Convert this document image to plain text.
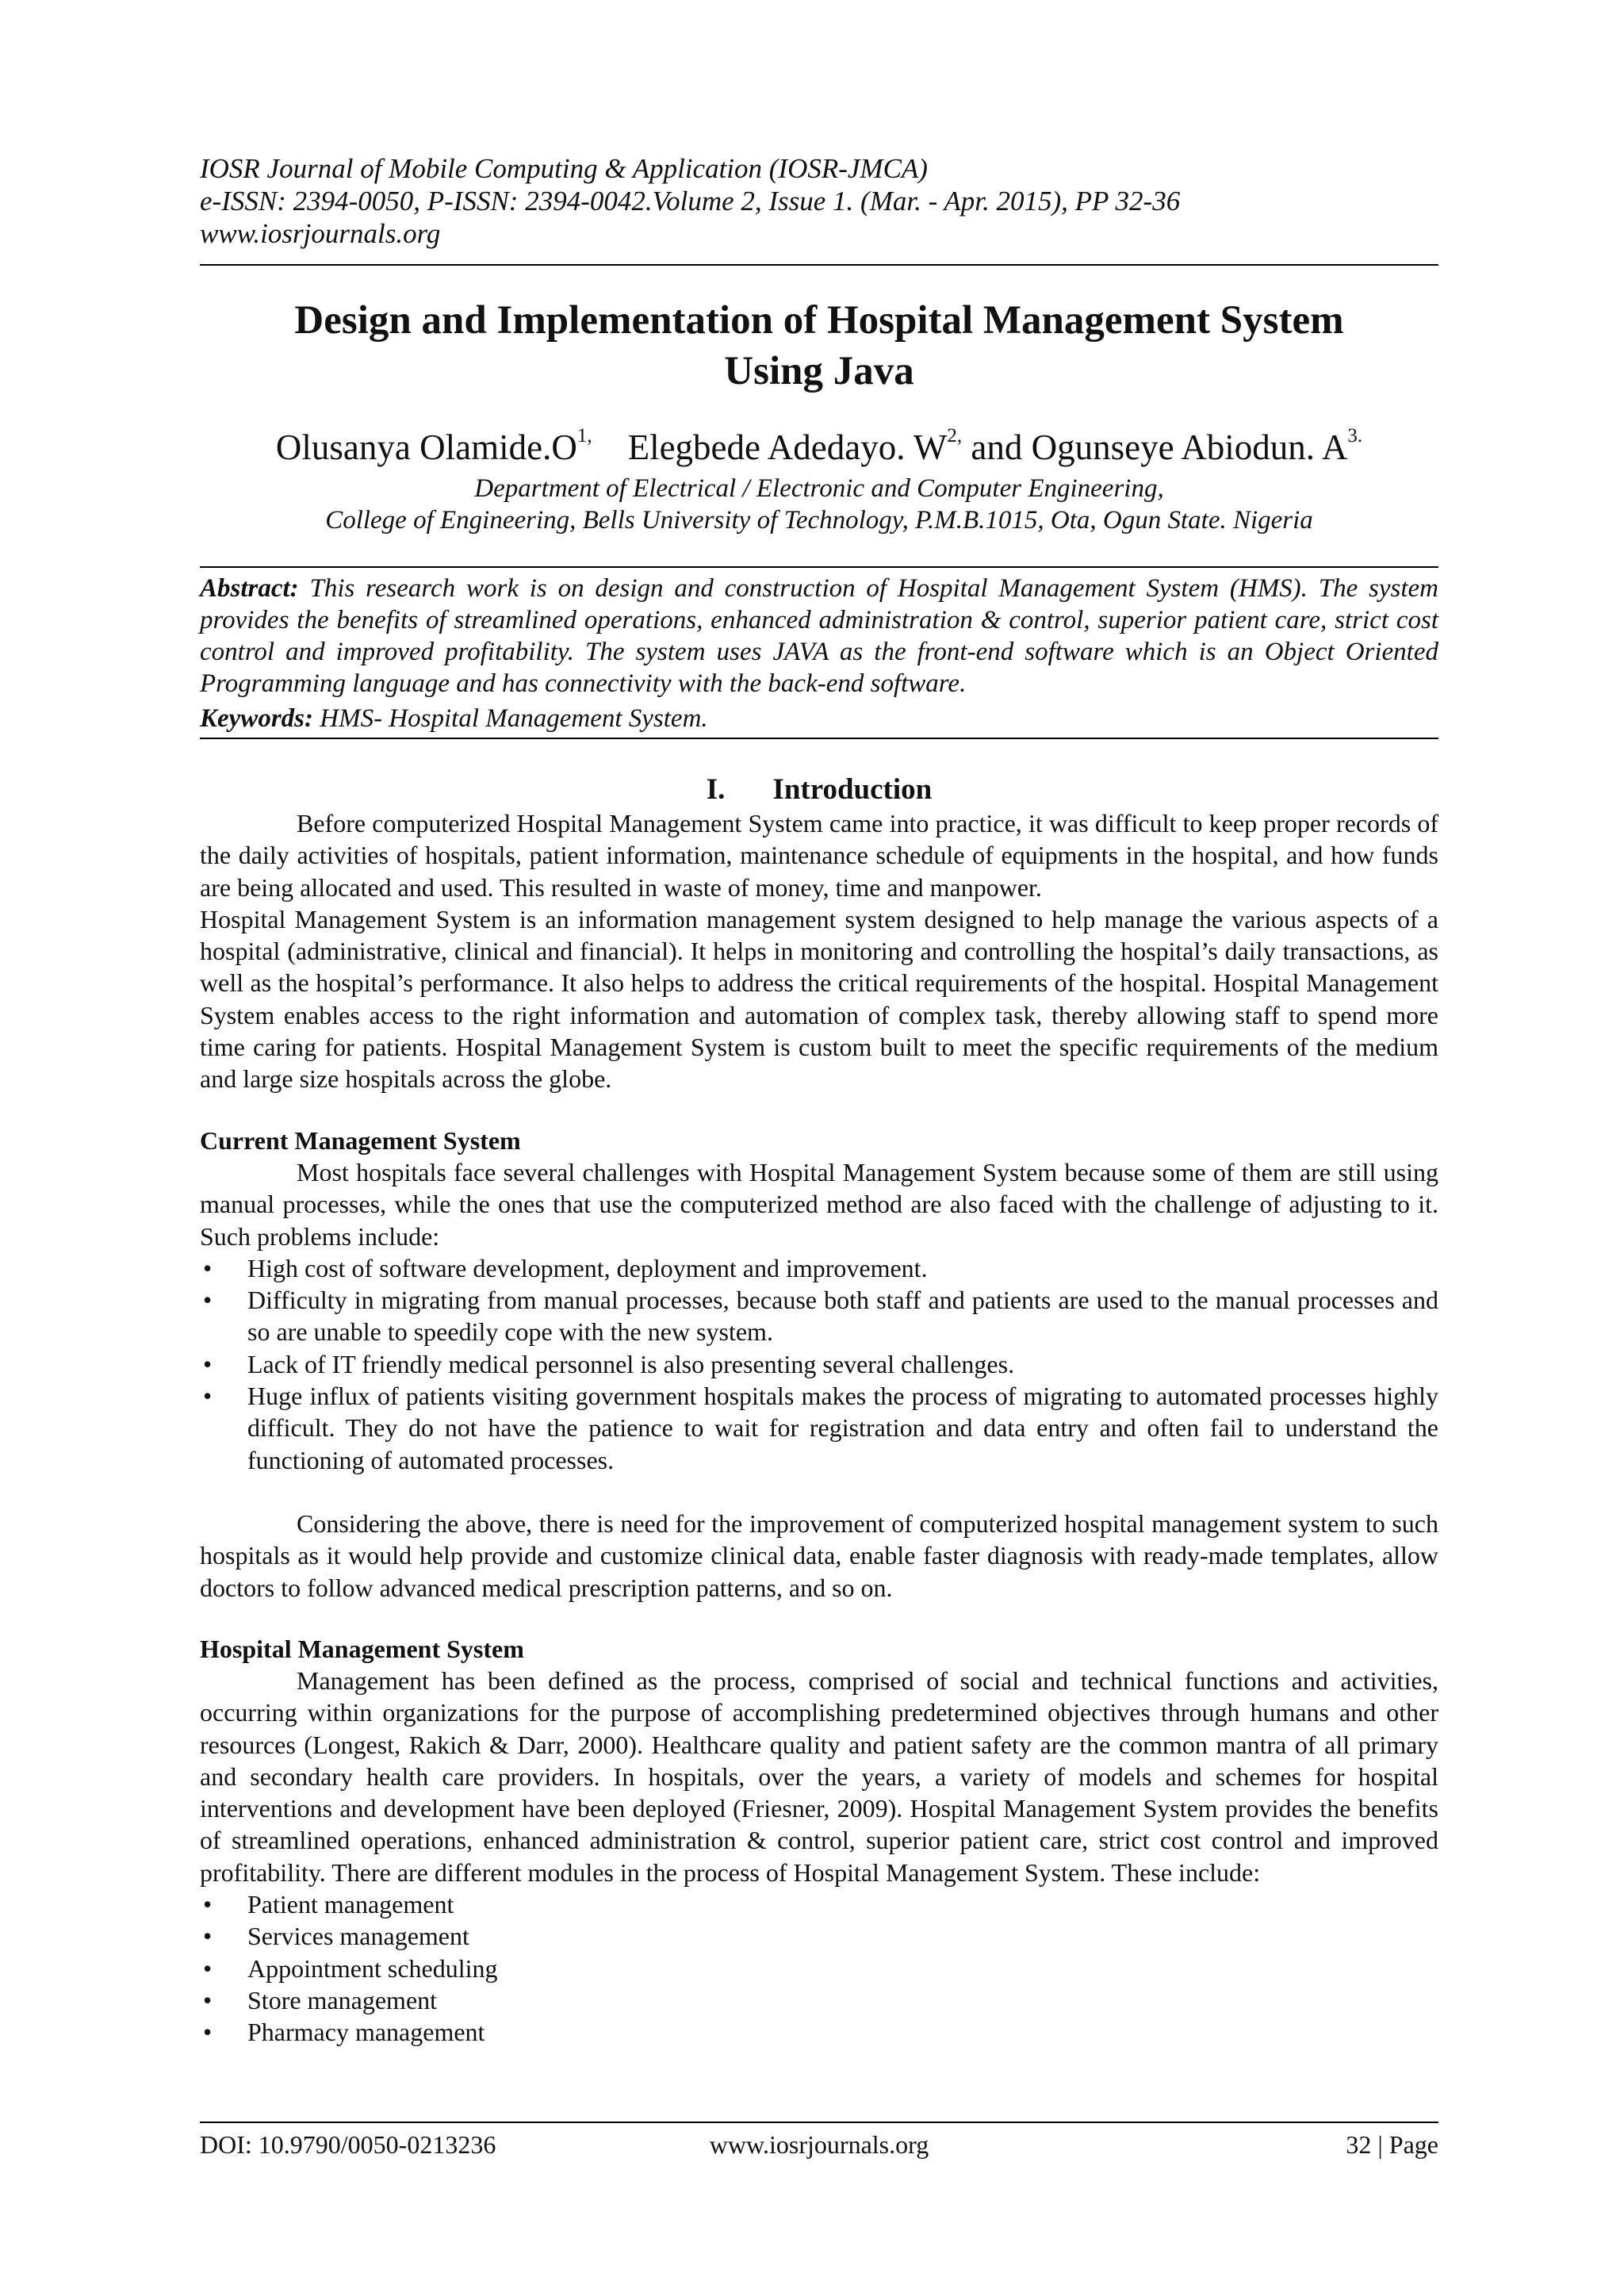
IOSR Journal of Mobile Computing & Application (IOSR-JMCA)
e-ISSN: 2394-0050, P-ISSN: 2394-0042.Volume 2, Issue 1. (Mar. - Apr. 2015), PP 32-36
www.iosrjournals.org
Design and Implementation of Hospital Management System
Using Java
Olusanya $Olamide.O^{1,}$ Elegbede Adedayo. $W^{2,}$ and Ogunseye Abiodun. $A^{3.}$
Department of Electrical / Electronic and Computer Engineering,
College of Engineering, Bells University of Technology, P.M.B.1015, Ota, Ogun State. Nigeria
Abstract: This research work is on design and construction of Hospital Management System (HMS). The system provides the benefits of streamlined operations, enhanced administration & control, superior patient care, strict cost control and improved profitability. The system uses JAVA as the front-end software which is an Object Oriented Programming language and has connectivity with the back-end software.
Keywords: HMS- Hospital Management System.
I. Introduction

Before computerized Hospital Management System came into practice, it was difficult to keep proper records of the daily activities of hospitals, patient information, maintenance schedule of equipments in the hospital, and how funds are being allocated and used. This resulted in waste of money, time and manpower.

Hospital Management System is an information management system designed to help manage the various aspects of a hospital (administrative, clinical and financial). It helps in monitoring and controlling the hospital’s daily transactions, as well as the hospital’s performance. It also helps to address the critical requirements of the hospital. Hospital Management System enables access to the right information and automation of complex task, thereby allowing staff to spend more time caring for patients. Hospital Management System is custom built to meet the specific requirements of the medium and large size hospitals across the globe.

Current Management System

Most hospitals face several challenges with Hospital Management System because some of them are still using manual processes, while the ones that use the computerized method are also faced with the challenge of adjusting to it. Such problems include:

• High cost of software development, deployment and improvement.
• Difficulty in migrating from manual processes, because both staff and patients are used to the manual processes and so are unable to speedily cope with the new system.
• Lack of IT friendly medical personnel is also presenting several challenges.
• Huge influx of patients visiting government hospitals makes the process of migrating to automated processes highly difficult. They do not have the patience to wait for registration and data entry and often fail to understand the functioning of automated processes.

Considering the above, there is need for the improvement of computerized hospital management system to such hospitals as it would help provide and customize clinical data, enable faster diagnosis with ready-made templates, allow doctors to follow advanced medical prescription patterns, and so on.

Hospital Management System

Management has been defined as the process, comprised of social and technical functions and activities, occurring within organizations for the purpose of accomplishing predetermined objectives through humans and other resources (Longest, Rakich & Darr, 2000). Healthcare quality and patient safety are the common mantra of all primary and secondary health care providers. In hospitals, over the years, a variety of models and schemes for hospital interventions and development have been deployed (Friesner, 2009). Hospital Management System provides the benefits of streamlined operations, enhanced administration & control, superior patient care, strict cost control and improved profitability. There are different modules in the process of Hospital Management System. These include:

• Patient management
• Services management
• Appointment scheduling
• Store management
• Pharmacy management
DOI: 10.9790/0050-0213236	www.iosrjournals.org	32 | Page
